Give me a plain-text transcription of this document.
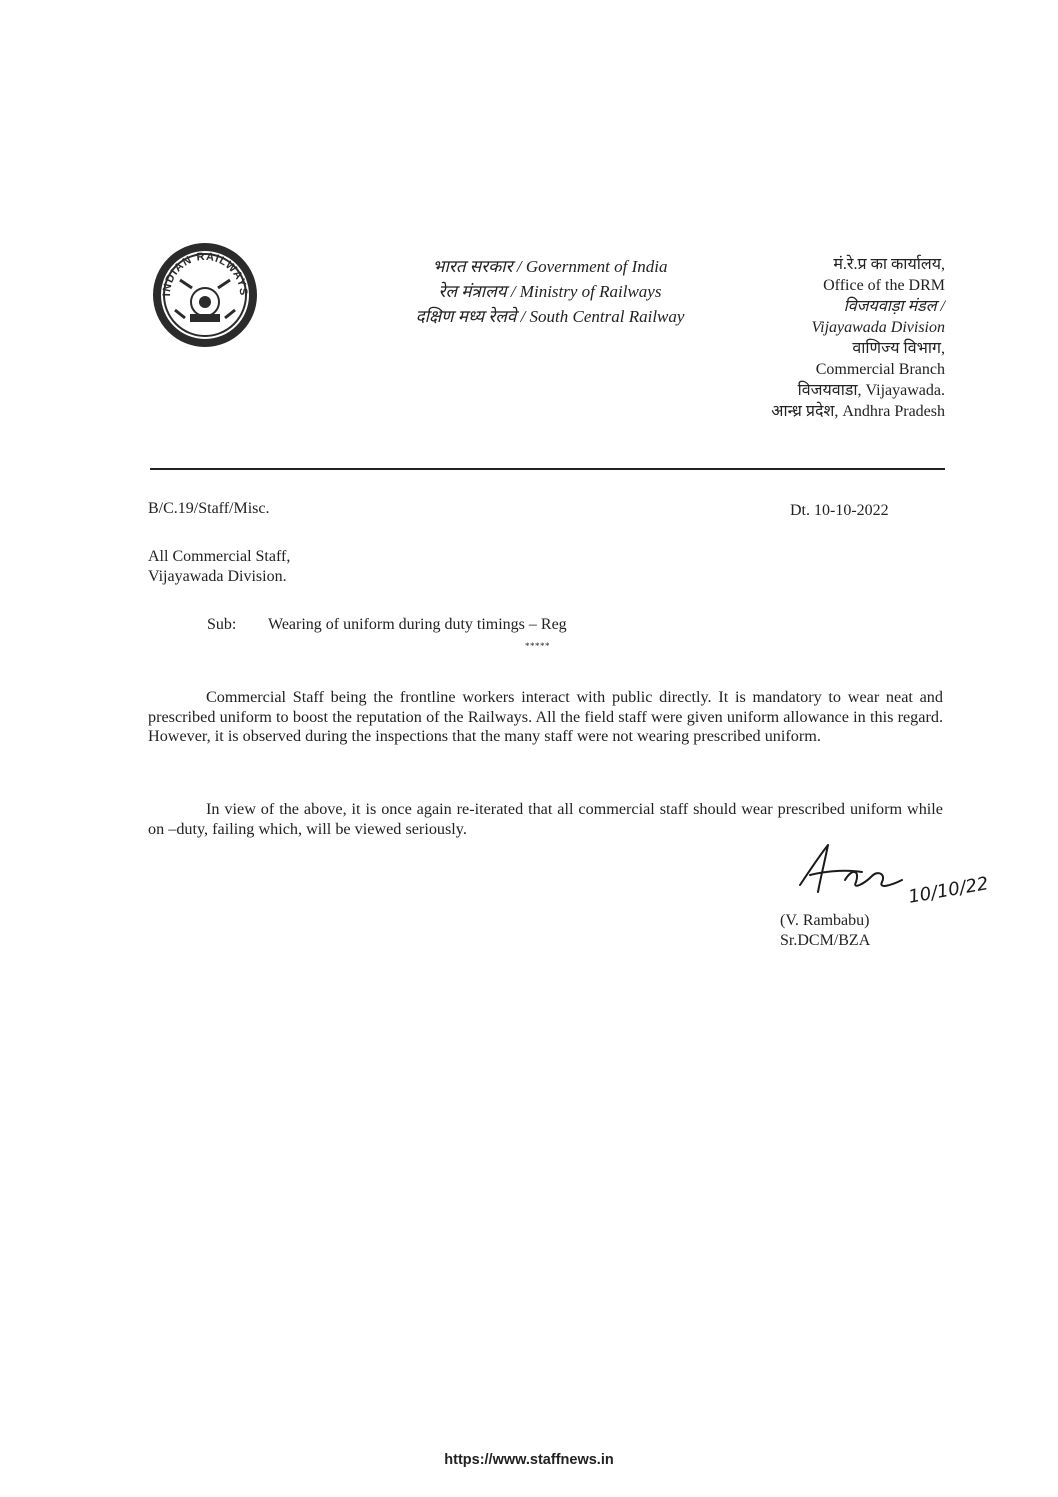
INDIAN RAILWAYS
भारत सरकार / Government of India
रेल मंत्रालय / Ministry of Railways
दक्षिण मध्य रेलवे / South Central Railway
मं.रे.प्र का कार्यालय,
Office of the DRM
विजयवाड़ा मंडल /
Vijayawada Division
वाणिज्य विभाग,
Commercial Branch
विजयवाडा, Vijayawada.
आन्ध्र प्रदेश, Andhra Pradesh
B/C.19/Staff/Misc.	Dt. 10-10-2022
All Commercial Staff,
Vijayawada Division.
Sub: Wearing of uniform during duty timings – Reg
*****

Commercial Staff being the frontline workers interact with public directly. It is mandatory to wear neat and prescribed uniform to boost the reputation of the Railways. All the field staff were given uniform allowance in this regard. However, it is observed during the inspections that the many staff were not wearing prescribed uniform.

In view of the above, it is once again re-iterated that all commercial staff should wear prescribed uniform while on –duty, failing which, will be viewed seriously.

10/10/22
(V. Rambabu)
Sr.DCM/BZA
https://www.staffnews.in
